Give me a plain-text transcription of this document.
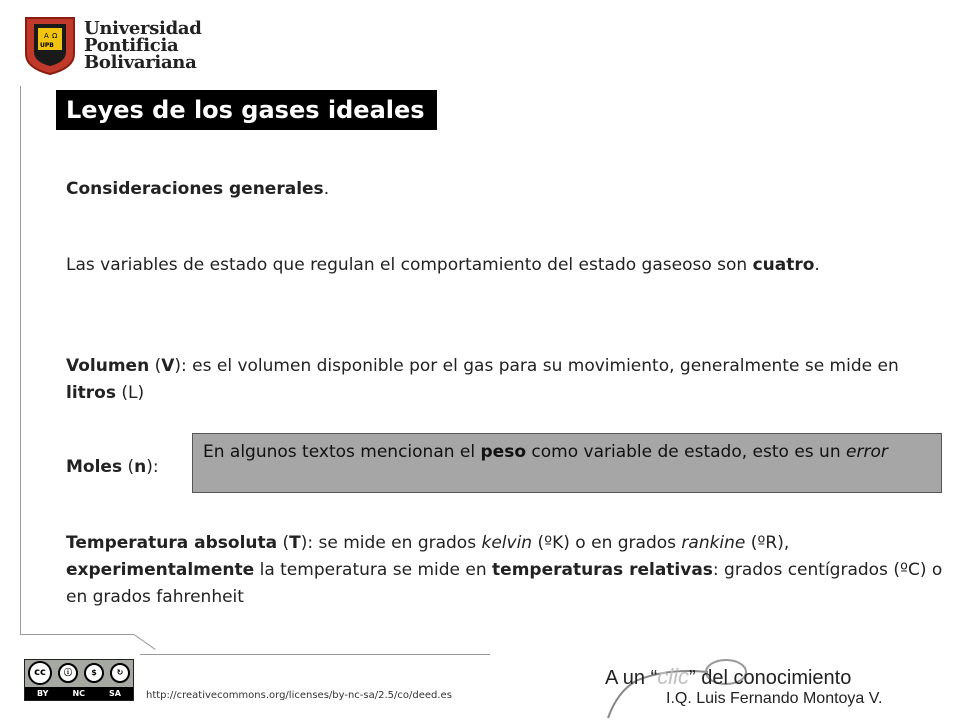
Α Ω
UPB
Universidad
Pontificia
Bolivariana
Leyes de los gases ideales
Consideraciones generales.
Las variables de estado que regulan el comportamiento del estado gaseoso son cuatro.
Volumen (V): es el volumen disponible por el gas para su movimiento, generalmente se mide en litros (L)
Moles (n):
En algunos textos mencionan el peso como variable de estado, esto es un error
Temperatura absoluta (T): se mide en grados kelvin (ºK) o en grados rankine (ºR), experimentalmente la temperatura se mide en temperaturas relativas: grados centígrados (ºC) o en grados fahrenheit
cc	ⓘ	$	↻
BY	NC	SA	http://creativecommons.org/licenses/by-nc-sa/2.5/co/deed.es
A un “clic” del conocimiento
I.Q. Luis Fernando Montoya V.
